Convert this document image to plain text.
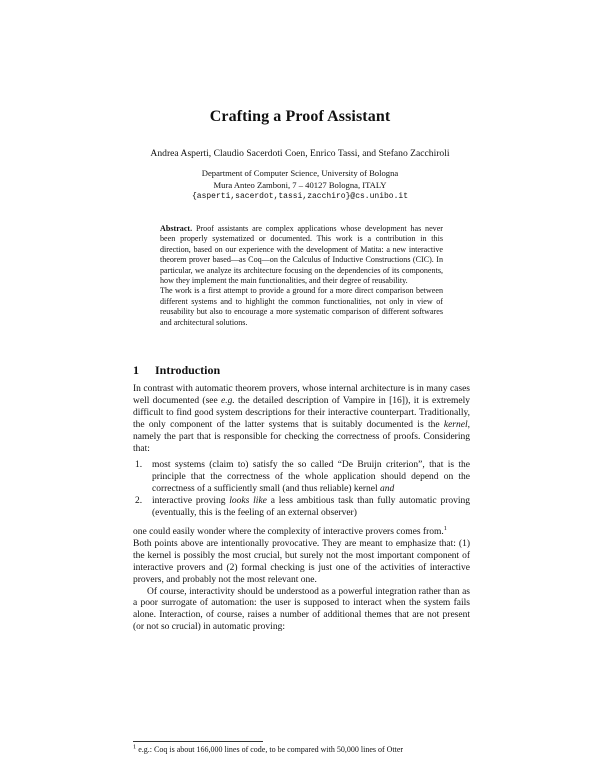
Crafting a Proof Assistant
Andrea Asperti, Claudio Sacerdoti Coen, Enrico Tassi, and Stefano Zacchiroli
Department of Computer Science, University of Bologna
Mura Anteo Zamboni, 7 – 40127 Bologna, ITALY
{asperti,sacerdot,tassi,zacchiro}@cs.unibo.it

Abstract. Proof assistants are complex applications whose development has never been properly systematized or documented. This work is a contribution in this direction, based on our experience with the development of Matita: a new interactive theorem prover based—as Coq—on the Calculus of Inductive Constructions (CIC). In particular, we analyze its architecture focusing on the dependencies of its components, how they implement the main functionalities, and their degree of reusability.

The work is a first attempt to provide a ground for a more direct comparison between different systems and to highlight the common functionalities, not only in view of reusability but also to encourage a more systematic comparison of different softwares and architectural solutions.

1 Introduction

In contrast with automatic theorem provers, whose internal architecture is in many cases well documented (see e.g. the detailed description of Vampire in [16]), it is extremely difficult to find good system descriptions for their interactive counterpart. Traditionally, the only component of the latter systems that is suitably documented is the kernel, namely the part that is responsible for checking the correctness of proofs. Considering that:

1. most systems (claim to) satisfy the so called “De Bruijn criterion”, that is the principle that the correctness of the whole application should depend on the correctness of a sufficiently small (and thus reliable) kernel and
2. interactive proving looks like a less ambitious task than fully automatic proving (eventually, this is the feeling of an external observer)

one could easily wonder where the complexity of interactive provers comes from.$^1$

Both points above are intentionally provocative. They are meant to emphasize that: (1) the kernel is possibly the most crucial, but surely not the most important component of interactive provers and (2) formal checking is just one of the activities of interactive provers, and probably not the most relevant one.

Of course, interactivity should be understood as a powerful integration rather than as a poor surrogate of automation: the user is supposed to interact when the system fails alone. Interaction, of course, raises a number of additional themes that are not present (or not so crucial) in automatic proving:

$^1$ e.g.: Coq is about 166,000 lines of code, to be compared with 50,000 lines of Otter
